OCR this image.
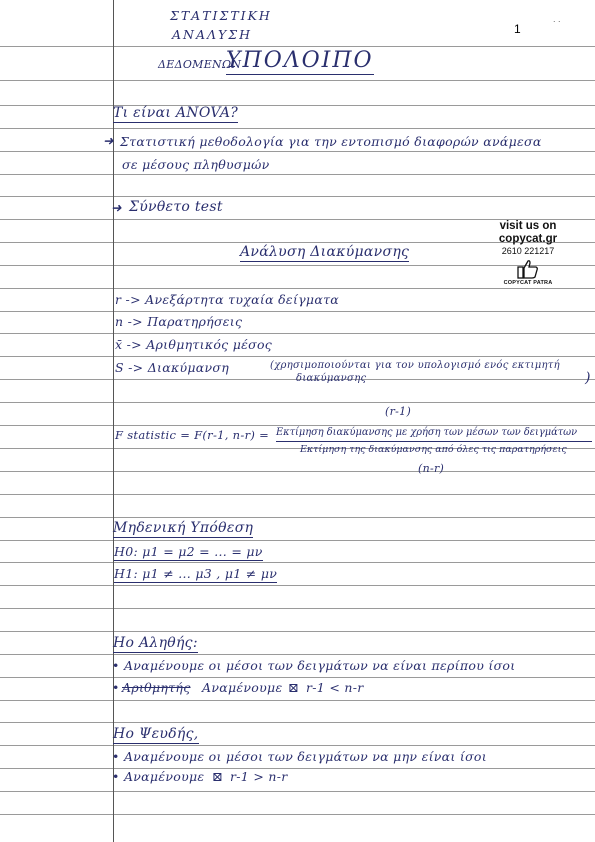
1
. .
ΣΤΑΤΙΣΤΙΚΗ
ΑΝΑΛΥΣΗ
ΔΕΔΟΜΕΝΩΝ
ΥΠΟΛΟΙΠΟ
visit us on
copycat.gr
2610 221217
COPYCAT PATRA
Τι είναι ANOVA?
➜ Στατιστική μεθοδολογία για την εντοπισμό διαφορών ανάμεσα
σε μέσους πληθυσμών
➜ Σύνθετο test
Ανάλυση Διακύμανσης
r -> Ανεξάρτητα τυχαία δείγματα
n -> Παρατηρήσεις
x̄ -> Αριθμητικός μέσος
S -> Διακύμανση	(χρησιμοποιούνται για τον υπολογισμό ενός εκτιμητή
διακύμανσης	)
(r-1)
F statistic = F(r-1, n-r) = Εκτίμηση διακύμανσης με χρήση των μέσων των δειγμάτων
Εκτίμηση της διακύμανσης από όλες τις παρατηρήσεις
(n-r)
Μηδενική Υπόθεση
H0: μ1 = μ2 = ... = μν
H1: μ1 ≠ ... μ3 , μ1 ≠ μν
Ho Αληθής:
• Αναμένουμε οι μέσοι των δειγμάτων να είναι περίπου ίσοι
• Αριθμητής Αναμένουμε ⊠ r-1 < n-r
Ho Ψευδής,
• Αναμένουμε οι μέσοι των δειγμάτων να μην είναι ίσοι
• Αναμένουμε ⊠ r-1 > n-r
